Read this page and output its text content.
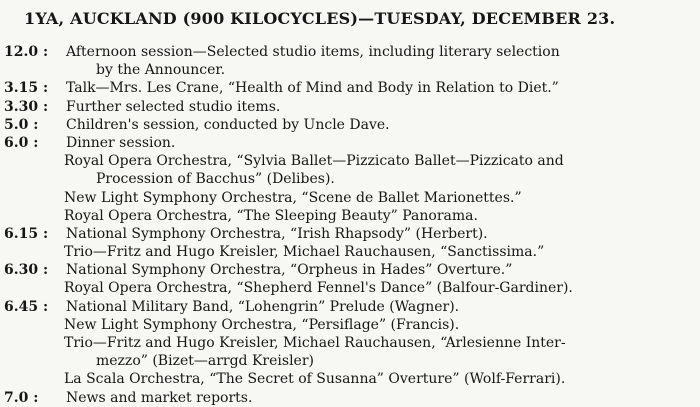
1YA, AUCKLAND (900 KILOCYCLES)—TUESDAY, DECEMBER 23.
12.0 :	Afternoon session—Selected studio items, including literary selection
by the Announcer.
3.15 :	Talk—Mrs. Les Crane, “Health of Mind and Body in Relation to Diet.”
3.30 :	Further selected studio items.
5.0 :	Children's session, conducted by Uncle Dave.
6.0 :	Dinner session.
Royal Opera Orchestra, “Sylvia Ballet—Pizzicato Ballet—Pizzicato and
Procession of Bacchus” (Delibes).
New Light Symphony Orchestra, “Scene de Ballet Marionettes.”
Royal Opera Orchestra, “The Sleeping Beauty” Panorama.
6.15 :	National Symphony Orchestra, “Irish Rhapsody” (Herbert).
Trio—Fritz and Hugo Kreisler, Michael Rauchausen, “Sanctissima.”
6.30 :	National Symphony Orchestra, “Orpheus in Hades” Overture.”
Royal Opera Orchestra, “Shepherd Fennel's Dance” (Balfour-Gardiner).
6.45 :	National Military Band, “Lohengrin” Prelude (Wagner).
New Light Symphony Orchestra, “Persiflage” (Francis).
Trio—Fritz and Hugo Kreisler, Michael Rauchausen, “Arlesienne Inter-
mezzo” (Bizet—arrgd Kreisler)
La Scala Orchestra, “The Secret of Susanna” Overture” (Wolf-Ferrari).
7.0 :	News and market reports.
